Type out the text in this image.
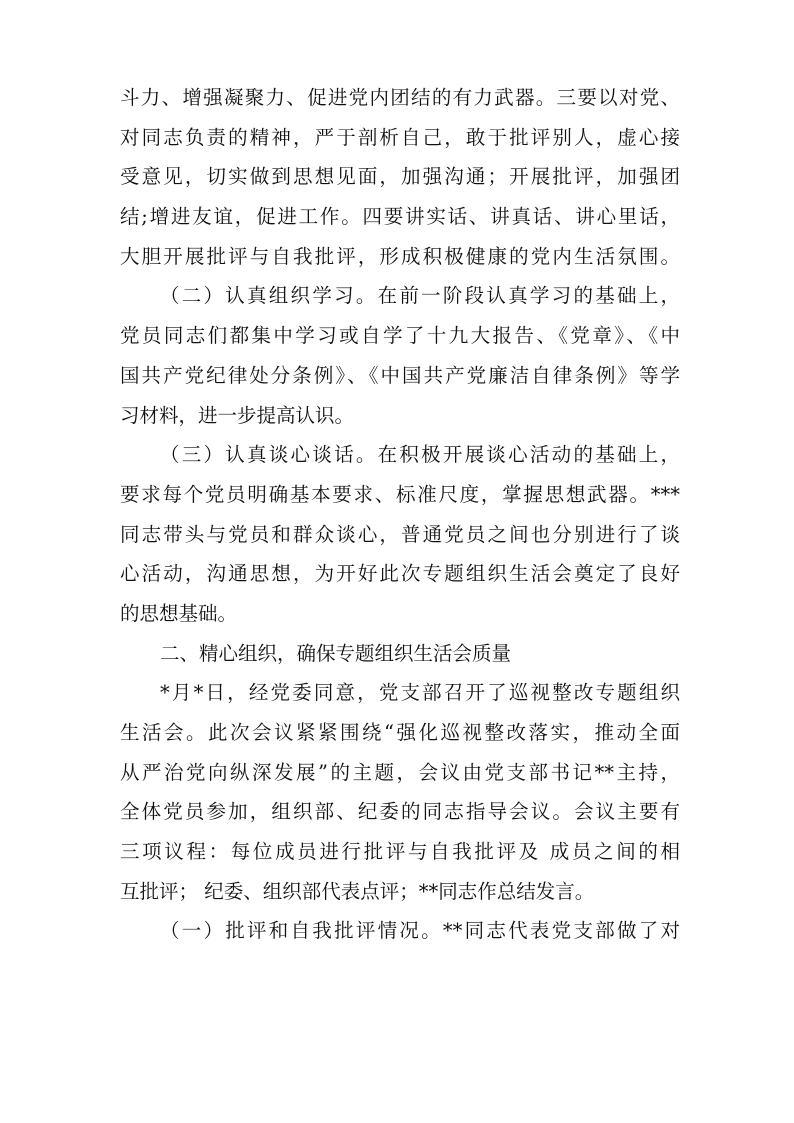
斗力、增强凝聚力、促进党内团结的有力武器。三要以对党、
对同志负责的精神，严于剖析自己，敢于批评别人，虚心接
受意见，切实做到思想见面，加强沟通；开展批评，加强团
结;增进友谊，促进工作。四要讲实话、讲真话、讲心里话，
大胆开展批评与自我批评，形成积极健康的党内生活氛围。
（二）认真组织学习。在前一阶段认真学习的基础上，
党员同志们都集中学习或自学了十九大报告、《党章》、《中
国共产党纪律处分条例》、《中国共产党廉洁自律条例》等学
习材料，进一步提高认识。
（三）认真谈心谈话。在积极开展谈心活动的基础上，
要求每个党员明确基本要求、标准尺度，掌握思想武器。***
同志带头与党员和群众谈心，普通党员之间也分别进行了谈
心活动，沟通思想，为开好此次专题组织生活会奠定了良好
的思想基础。
二、精心组织，确保专题组织生活会质量
*月*日，经党委同意，党支部召开了巡视整改专题组织
生活会。此次会议紧紧围绕“强化巡视整改落实，推动全面
从严治党向纵深发展”的主题，会议由党支部书记**主持，
全体党员参加，组织部、纪委的同志指导会议。会议主要有
三项议程：每位成员进行批评与自我批评及 成员之间的相
互批评； 纪委、组织部代表点评；**同志作总结发言。
（一）批评和自我批评情况。**同志代表党支部做了对
